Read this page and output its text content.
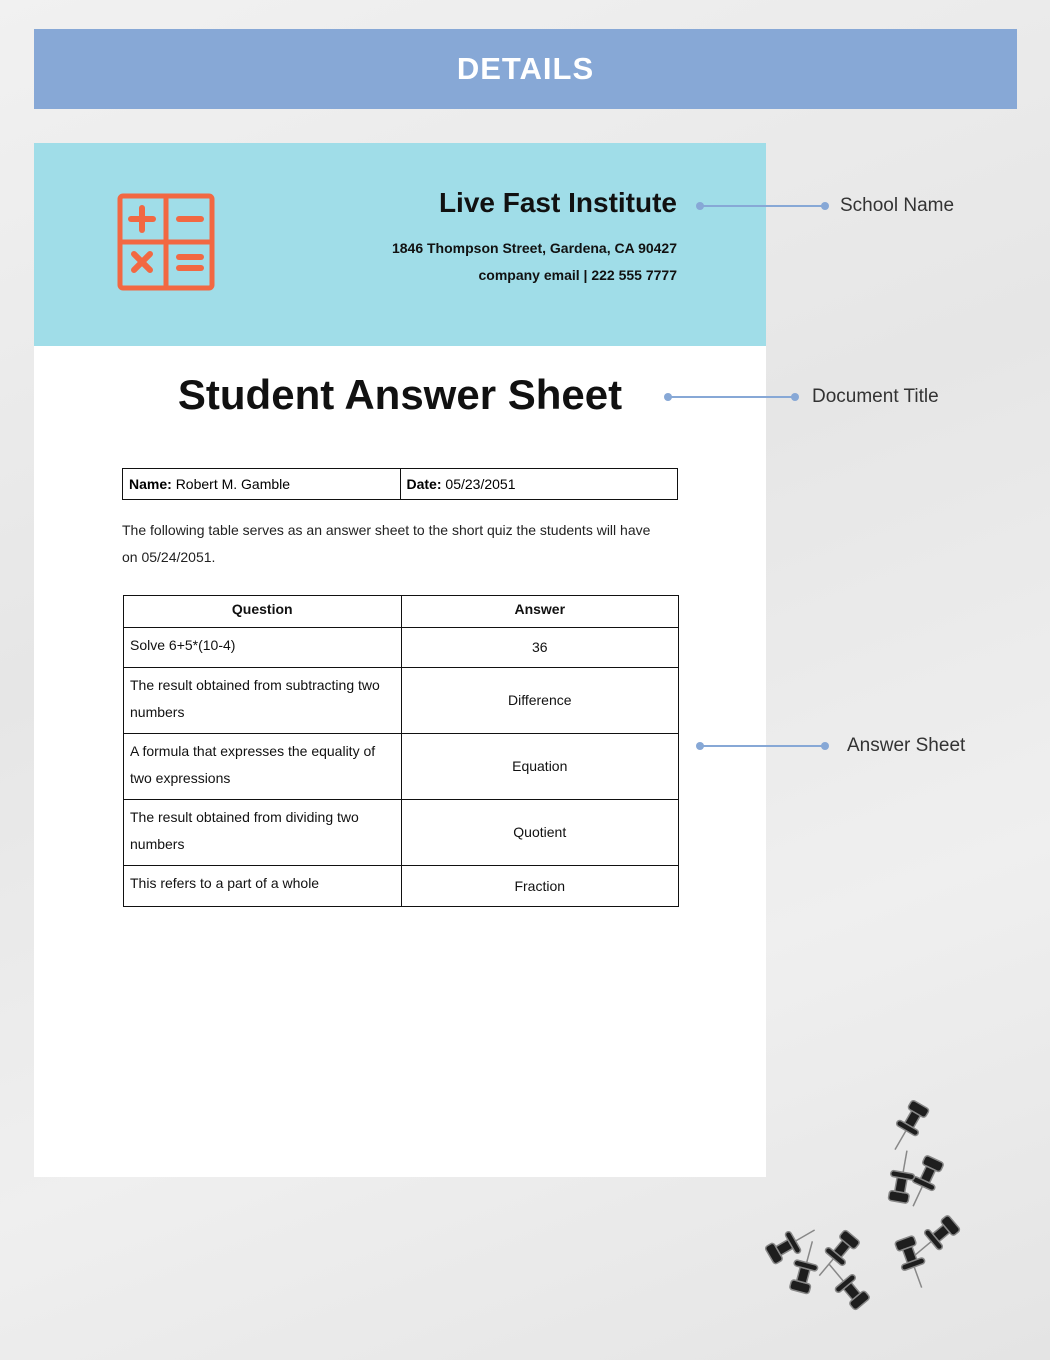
DETAILS
Live Fast Institute
1846 Thompson Street, Gardena, CA 90427
company email | 222 555 7777
Student Answer Sheet
Name: Robert M. Gamble	Date: 05/23/2051

The following table serves as an answer sheet to the short quiz the students will have on 05/24/2051.

Question	Answer
Solve 6+5*(10-4)	36
The result obtained from subtracting two numbers	Difference
A formula that expresses the equality of two expressions	Equation
The result obtained from dividing two numbers	Quotient
This refers to a part of a whole	Fraction
School Name
Document Title
Answer Sheet
